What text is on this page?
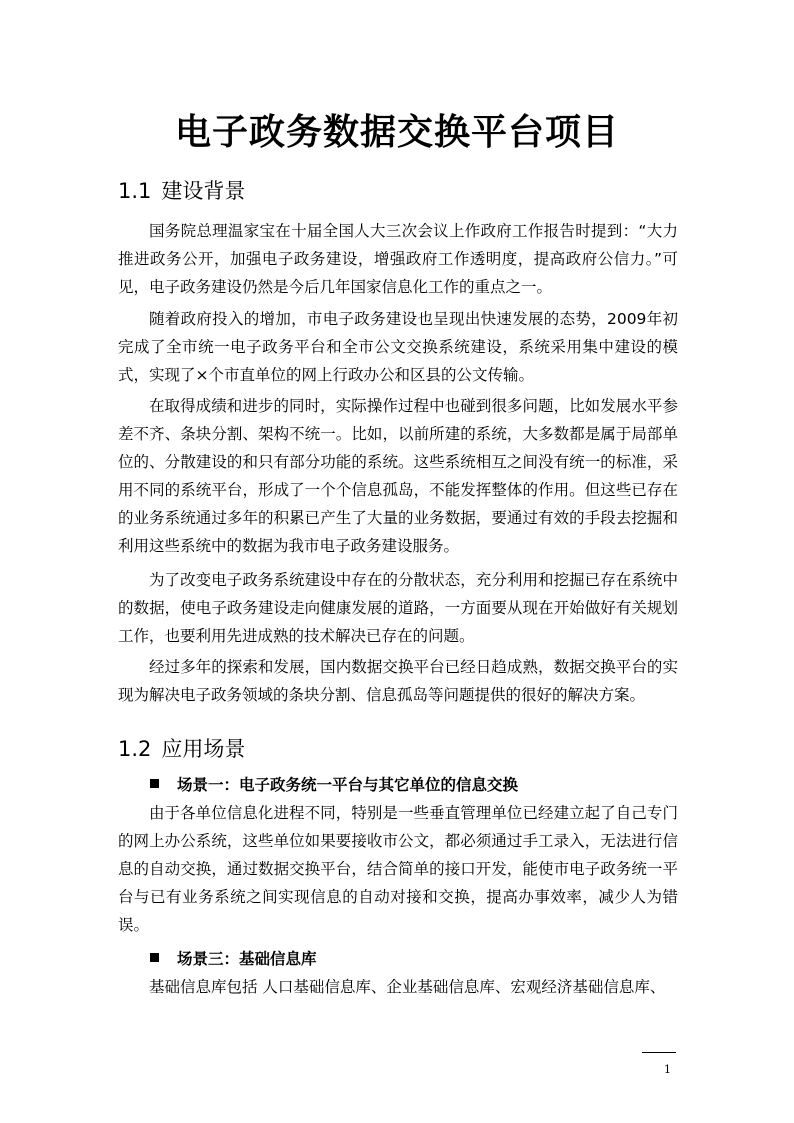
电子政务数据交换平台项目
1.1 建设背景

国务院总理温家宝在十届全国人大三次会议上作政府工作报告时提到：“大力推进政务公开，加强电子政务建设，增强政府工作透明度，提高政府公信力。”可见，电子政务建设仍然是今后几年国家信息化工作的重点之一。

随着政府投入的增加，市电子政务建设也呈现出快速发展的态势，2009年初完成了全市统一电子政务平台和全市公文交换系统建设，系统采用集中建设的模式，实现了×个市直单位的网上行政办公和区县的公文传输。

在取得成绩和进步的同时，实际操作过程中也碰到很多问题，比如发展水平参差不齐、条块分割、架构不统一。比如，以前所建的系统，大多数都是属于局部单位的、分散建设的和只有部分功能的系统。这些系统相互之间没有统一的标准，采用不同的系统平台，形成了一个个信息孤岛，不能发挥整体的作用。但这些已存在的业务系统通过多年的积累已产生了大量的业务数据，要通过有效的手段去挖掘和利用这些系统中的数据为我市电子政务建设服务。

为了改变电子政务系统建设中存在的分散状态，充分利用和挖掘已存在系统中的数据，使电子政务建设走向健康发展的道路，一方面要从现在开始做好有关规划工作，也要利用先进成熟的技术解决已存在的问题。

经过多年的探索和发展，国内数据交换平台已经日趋成熟，数据交换平台的实现为解决电子政务领域的条块分割、信息孤岛等问题提供的很好的解决方案。

1.2 应用场景
场景一：电子政务统一平台与其它单位的信息交换

由于各单位信息化进程不同，特别是一些垂直管理单位已经建立起了自己专门的网上办公系统，这些单位如果要接收市公文，都必须通过手工录入，无法进行信息的自动交换，通过数据交换平台，结合简单的接口开发，能使市电子政务统一平台与已有业务系统之间实现信息的自动对接和交换，提高办事效率，减少人为错误。

场景三：基础信息库

基础信息库包括 人口基础信息库、企业基础信息库、宏观经济基础信息库、

1
